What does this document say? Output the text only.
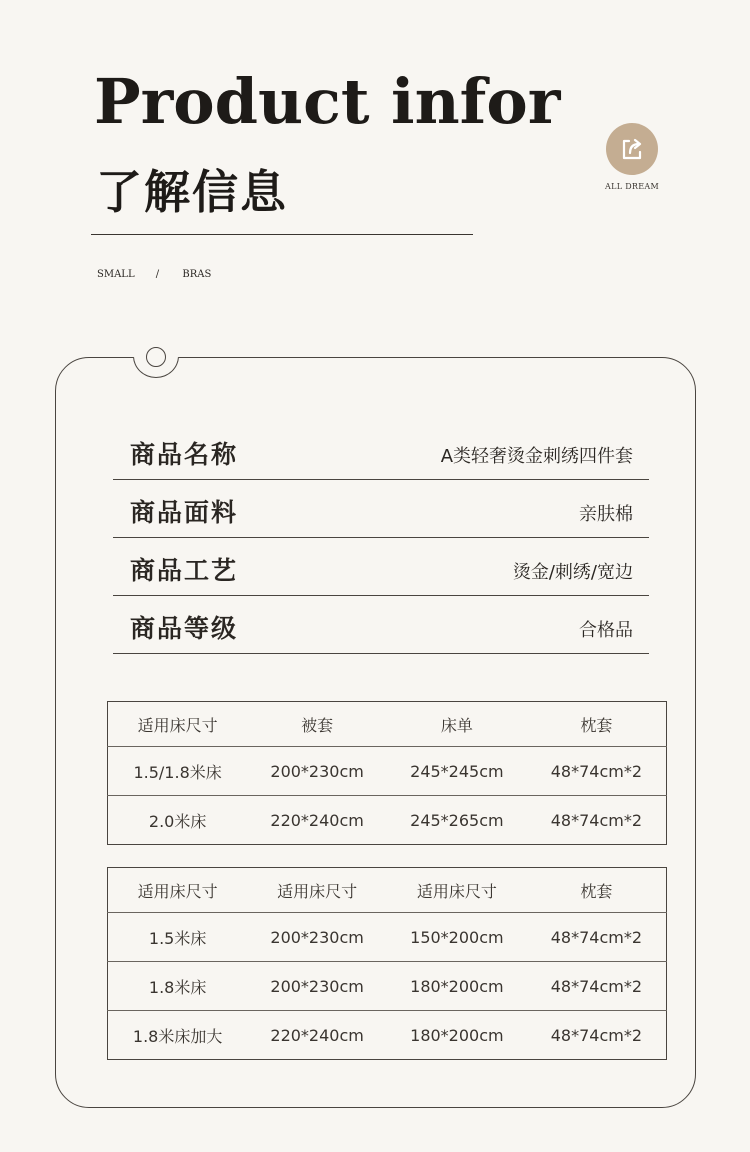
Product infor
了解信息	ALL DREAM
SMALL / BRAS
商品名称	A类轻奢烫金刺绣四件套
商品面料	亲肤棉
商品工艺	烫金/刺绣/宽边
商品等级	合格品
适用床尺寸	被套	床单	枕套
1.5/1.8米床	200*230cm	245*245cm	48*74cm*2
2.0米床	220*240cm	245*265cm	48*74cm*2
适用床尺寸	适用床尺寸	适用床尺寸	枕套
1.5米床	200*230cm	150*200cm	48*74cm*2
1.8米床	200*230cm	180*200cm	48*74cm*2
1.8米床加大	220*240cm	180*200cm	48*74cm*2
